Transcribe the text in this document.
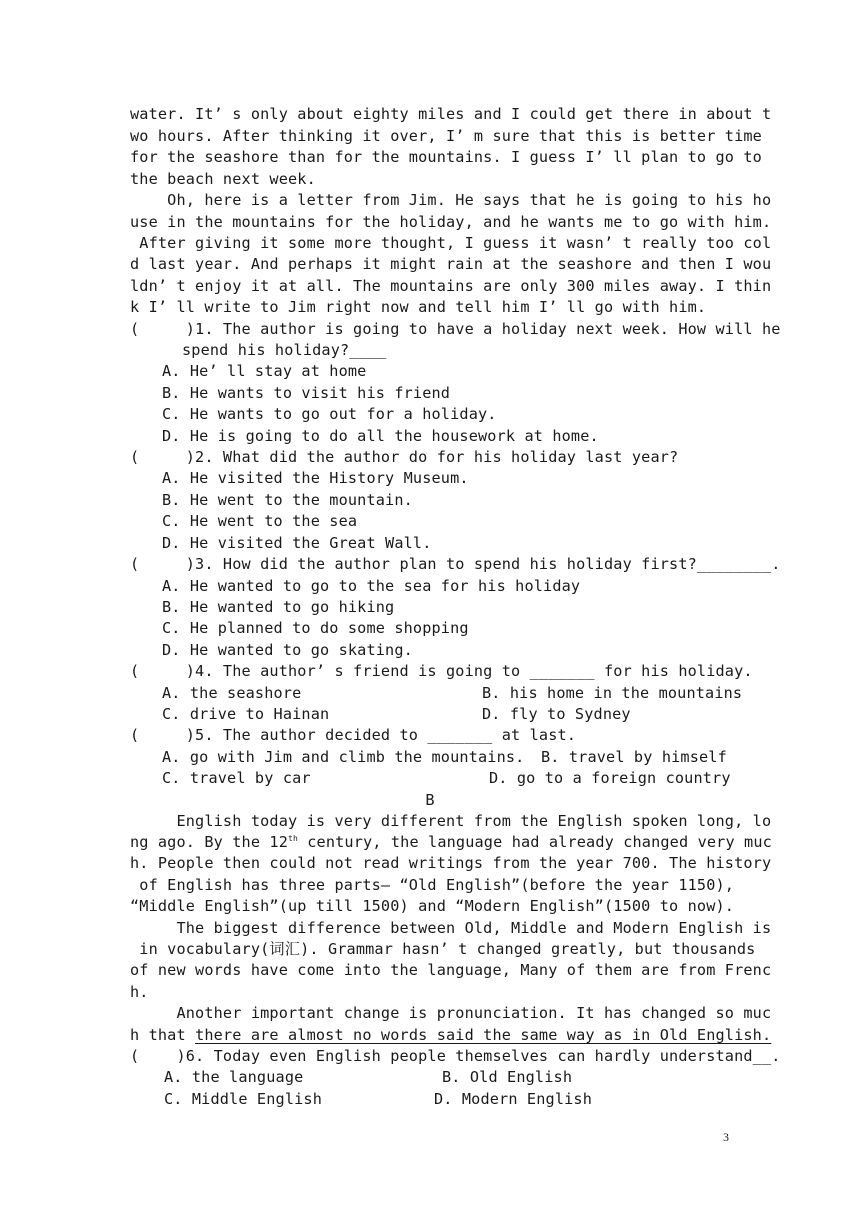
water. It’ s only about eighty miles and I could get there in about t
wo hours. After thinking it over, I’ m sure that this is better time
for the seashore than for the mountains. I guess I’ ll plan to go to
the beach next week.
Oh, here is a letter from Jim. He says that he is going to his ho
use in the mountains for the holiday, and he wants me to go with him.
After giving it some more thought, I guess it wasn’ t really too col
d last year. And perhaps it might rain at the seashore and then I wou
ldn’ t enjoy it at all. The mountains are only 300 miles away. I thin
k I’ ll write to Jim right now and tell him I’ ll go with him.
(     )1. The author is going to have a holiday next week. How will he
spend his holiday?____
A. He’ ll stay at home
B. He wants to visit his friend
C. He wants to go out for a holiday.
D. He is going to do all the housework at home.
(     )2. What did the author do for his holiday last year?
A. He visited the History Museum.
B. He went to the mountain.
C. He went to the sea
D. He visited the Great Wall.
(     )3. How did the author plan to spend his holiday first?________.
A. He wanted to go to the sea for his holiday
B. He wanted to go hiking
C. He planned to do some shopping
D. He wanted to go skating.
(     )4. The author’ s friend is going to _______ for his holiday.
A. the seashore	B. his home in the mountains
C. drive to Hainan	D. fly to Sydney
(     )5. The author decided to _______ at last.
A. go with Jim and climb the mountains. B. travel by himself
C. travel by car	D. go to a foreign country
B
English today is very different from the English spoken long, lo
ng ago. By the 12th century, the language had already changed very muc
h. People then could not read writings from the year 700. The history
of English has three parts— “Old English”(before the year 1150),
“Middle English”(up till 1500) and “Modern English”(1500 to now).
The biggest difference between Old, Middle and Modern English is
in vocabulary(词汇). Grammar hasn’ t changed greatly, but thousands
of new words have come into the language, Many of them are from Frenc
h.
Another important change is pronunciation. It has changed so muc
h that there are almost no words said the same way as in Old English.
(    )6. Today even English people themselves can hardly understand__.
A. the language	B. Old English
C. Middle English	D. Modern English
3
